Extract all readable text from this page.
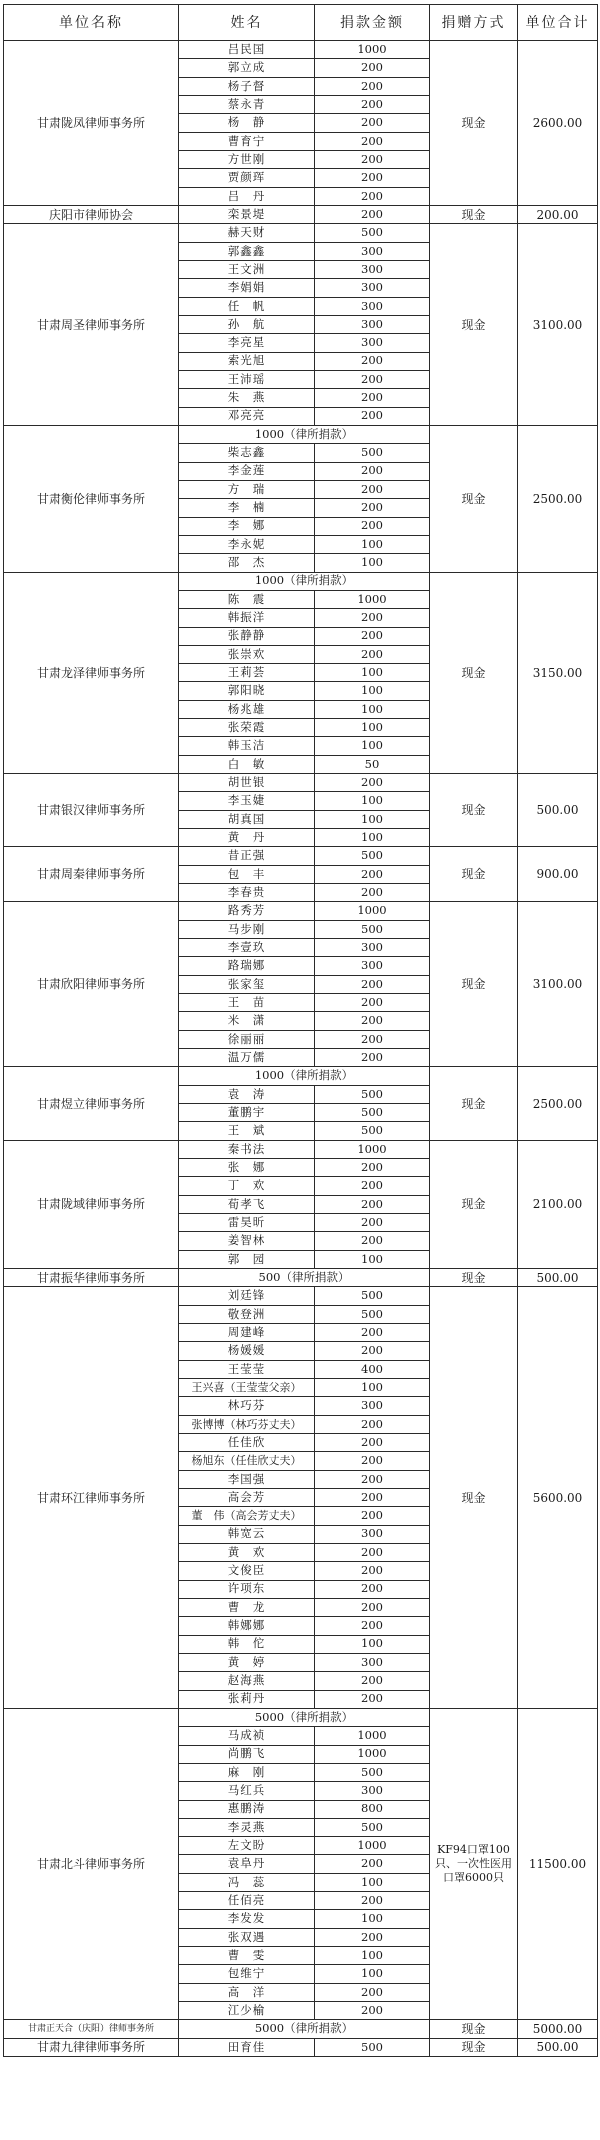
单位名称	姓名	捐款金额	捐赠方式	单位合计
甘肃陇凤律师事务所	吕民国	1000	现金	2600.00
	郭立成	200		
	杨子督	200		
	蔡永青	200		
	杨　静	200		
	曹育宁	200		
	方世刚	200		
	贾颜珲	200		
	吕　丹	200		
庆阳市律师协会	栾景堤	200	现金	200.00
甘肃周圣律师事务所	赫天财	500	现金	3100.00
	郭鑫鑫	300		
	王文洲	300		
	李娟娟	300		
	任　帆	300		
	孙　航	300		
	李亮星	300		
	索光旭	200		
	王沛瑶	200		
	朱　燕	200		
	邓亮亮	200		
甘肃衡伦律师事务所	1000（律所捐款）		现金	2500.00
	柴志鑫	500		
	李金莲	200		
	方　瑞	200		
	李　楠	200		
	李　娜	200		
	李永妮	100		
	邵　杰	100		
甘肃龙泽律师事务所	1000（律所捐款）		现金	3150.00
	陈　震	1000		
	韩振洋	200		
	张静静	200		
	张崇欢	200		
	王莉荟	100		
	郭阳晓	100		
	杨兆雄	100		
	张荣霞	100		
	韩玉洁	100		
	白　敏	50		
甘肃银汉律师事务所	胡世银	200	现金	500.00
	李玉婕	100		
	胡真国	100		
	黄　丹	100		
甘肃周秦律师事务所	昔正强	500	现金	900.00
	包　丰	200		
	李春贵	200		
甘肃欣阳律师事务所	路秀芳	1000	现金	3100.00
	马步刚	500		
	李壹玖	300		
	路瑞娜	300		
	张家玺	200		
	王　苗	200		
	米　潇	200		
	徐丽丽	200		
	温万儒	200		
甘肃煜立律师事务所	1000（律所捐款）		现金	2500.00
	袁　涛	500		
	董鹏宇	500		
	王　斌	500		
甘肃陇域律师事务所	秦书法	1000	现金	2100.00
	张　娜	200		
	丁　欢	200		
	荀孝飞	200		
	雷昊昕	200		
	姜智林	200		
	郭　园	100		
甘肃振华律师事务所	500（律所捐款）		现金	500.00
甘肃环江律师事务所	刘廷锋	500	现金	5600.00
	敬登洲	500		
	周建峰	200		
	杨媛媛	200		
	王莹莹	400		
	王兴喜（王莹莹父亲）	100		
	林巧芬	300		
	张博博（林巧芬丈夫）	200		
	任佳欣	200		
	杨旭东（任佳欣丈夫）	200		
	李国强	200		
	高会芳	200		
	董　伟（高会芳丈夫）	200		
	韩宽云	300		
	黄　欢	200		
	文俊臣	200		
	许项东	200		
	曹　龙	200		
	韩娜娜	200		
	韩　佗	100		
	黄　婷	300		
	赵海燕	200		
	张莉丹	200		
甘肃北斗律师事务所	5000（律所捐款）		KF94口罩100只、一次性医用口罩6000只	11500.00
	马成祯	1000		
	尚鹏飞	1000		
	麻　刚	500		
	马红兵	300		
	惠鹏涛	800		
	李灵燕	500		
	左文盼	1000		
	袁阜丹	200		
	冯　蕊	100		
	任佰亮	200		
	李发发	100		
	张双遇	200		
	曹　雯	100		
	包维宁	100		
	高　洋	200		
	江少榆	200		
甘肃正天合（庆阳）律师事务所	5000（律所捐款）		现金	5000.00
甘肃九律律师事务所	田育佳	500	现金	500.00
